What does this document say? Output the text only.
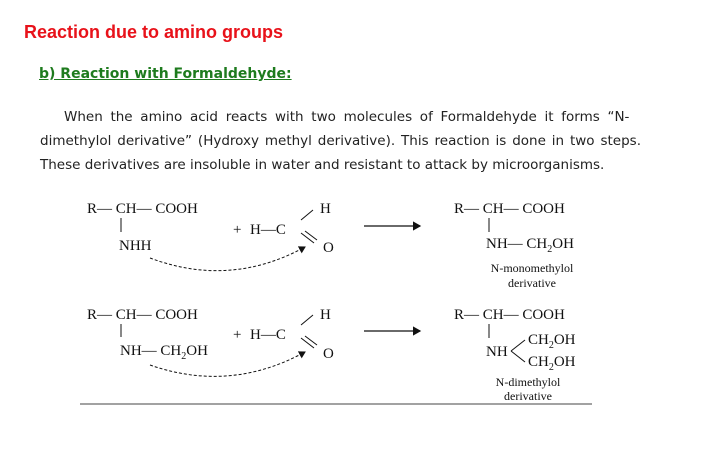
Reaction due to amino groups
b) Reaction with Formaldehyde:
When the amino acid reacts with two molecules of Formaldehyde it forms “N-
dimethylol derivative” (Hydroxy methyl derivative). This reaction is done in two steps.
These derivatives are insoluble in water and resistant to attack by microorganisms.
R— CH— COOH
NHH
+ H—C
H
O
R— CH— COOH
NH— $CH_2OH$
N-monomethylol
derivative
R— CH— COOH
NH— $CH_2OH$
+ H—C
H
O
R— CH— COOH
NH
$CH_2OH$
$CH_2OH$
N-dimethylol
derivative
